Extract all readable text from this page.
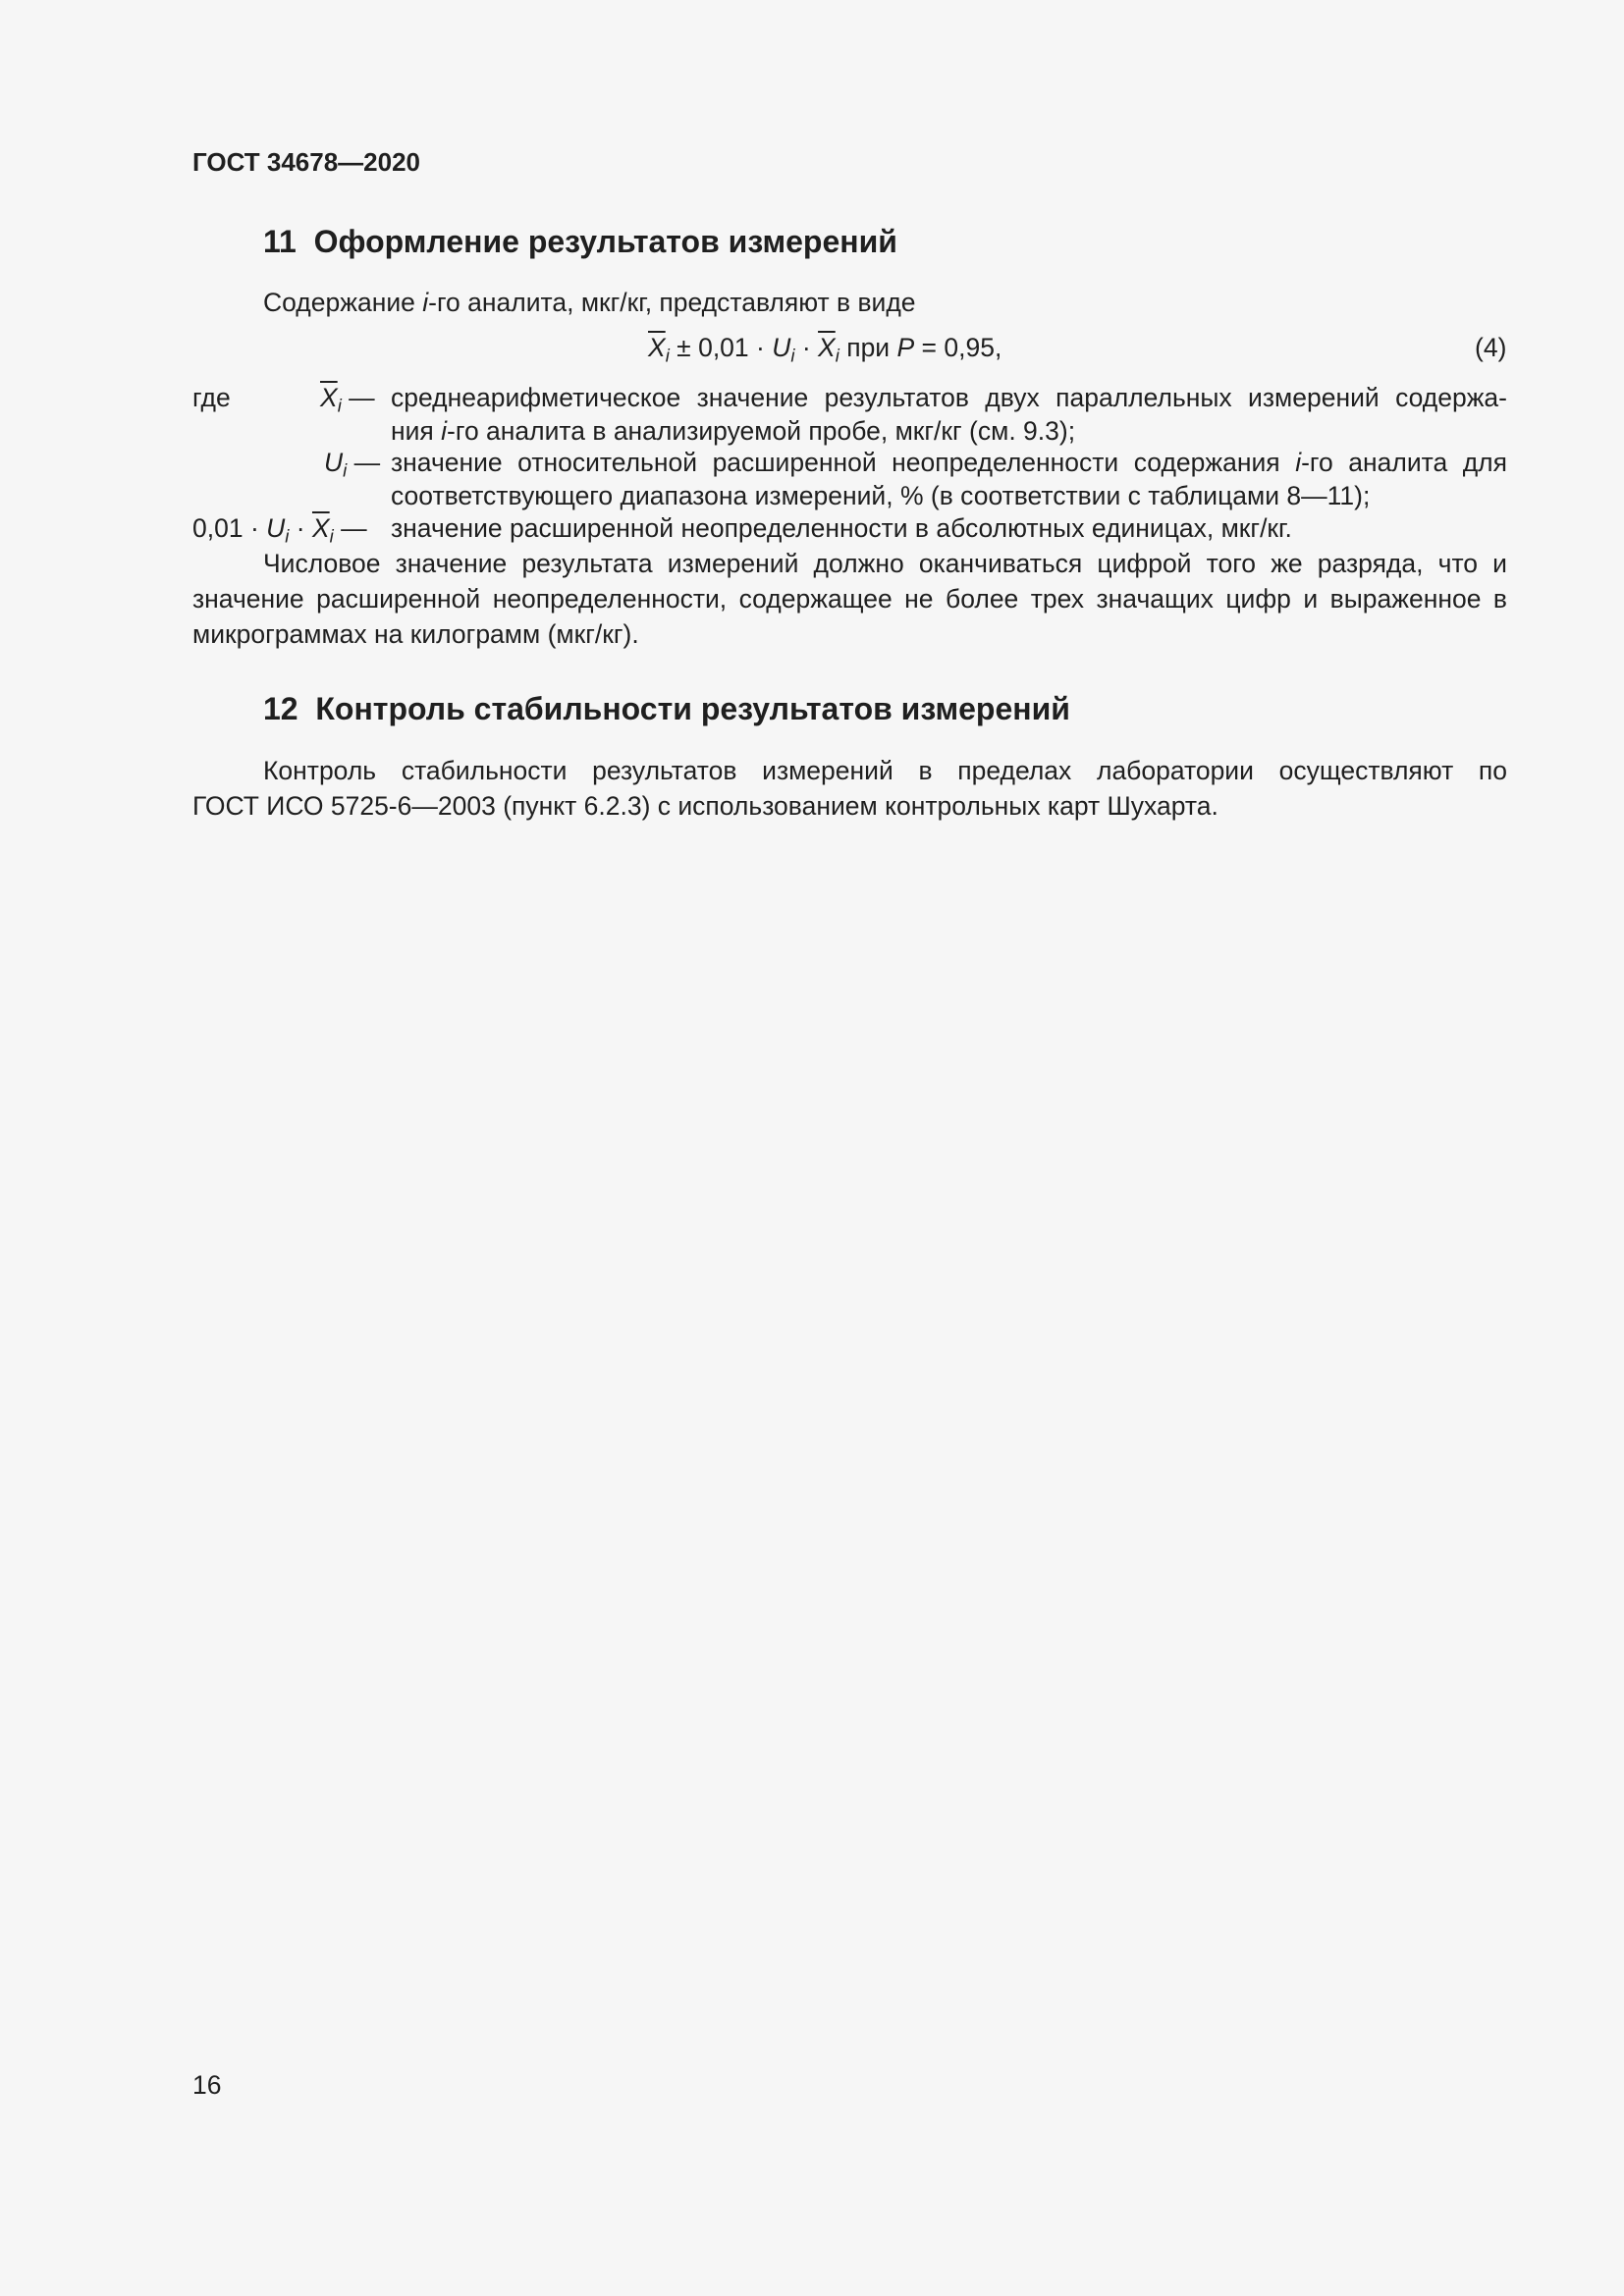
ГОСТ 34678—2020
11 Оформление результатов измерений
Содержание i-го аналита, мкг/кг, представляют в виде
$\overline{X}_i \pm 0,01 \cdot U_i \cdot \overline{X}_i$ при P = 0,95,	(4)
где	$\overline{X}_i$ — среднеарифметическое значение результатов двух параллельных измерений содержа-
ния i-го аналита в анализируемой пробе, мкг/кг (см. 9.3);
$U_i$ — значение относительной расширенной неопределенности содержания i-го аналита для
соответствующего диапазона измерений, % (в соответствии с таблицами 8—11);
$0,01 \cdot U_i \cdot \overline{X}_i$ — значение расширенной неопределенности в абсолютных единицах, мкг/кг.
Числовое значение результата измерений должно оканчиваться цифрой того же разряда, что и
значение расширенной неопределенности, содержащее не более трех значащих цифр и выраженное в
микрограммах на килограмм (мкг/кг).
12 Контроль стабильности результатов измерений
Контроль стабильности результатов измерений в пределах лаборатории осуществляют по
ГОСТ ИСО 5725-6—2003 (пункт 6.2.3) с использованием контрольных карт Шухарта.
16
